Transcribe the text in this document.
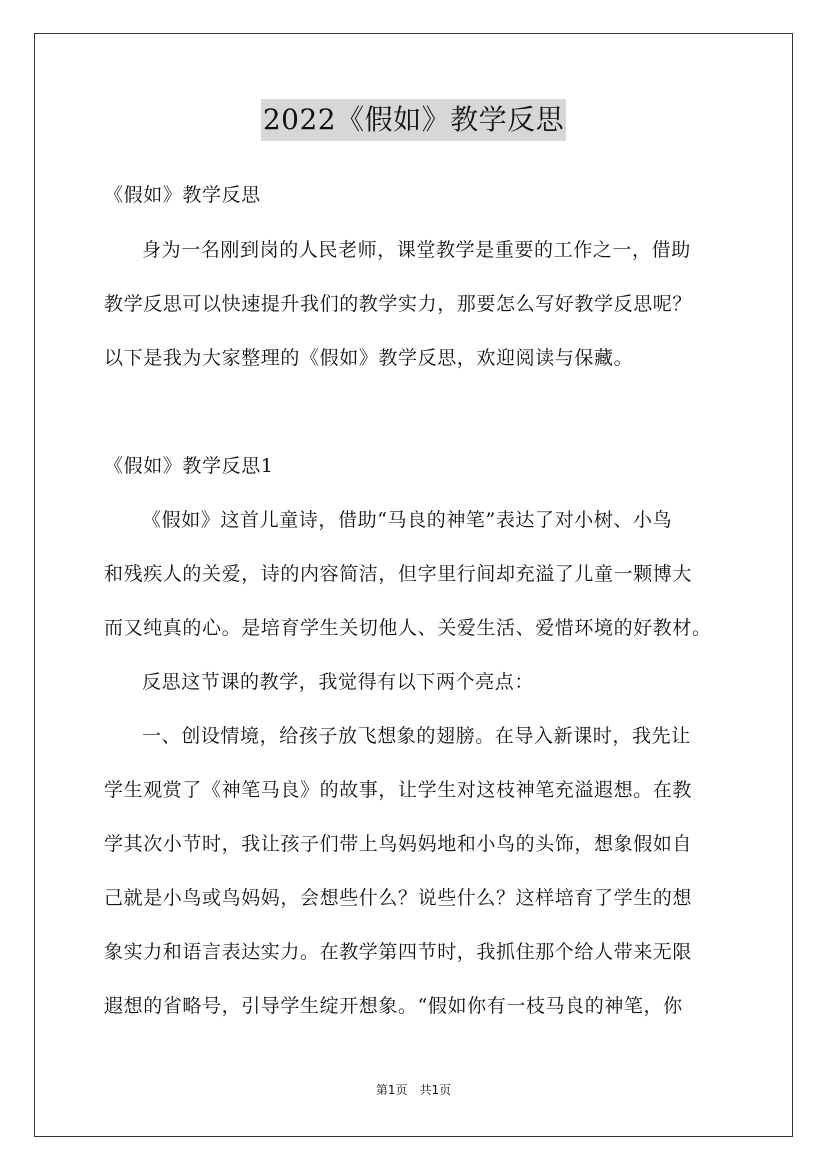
2022《假如》教学反思
《假如》教学反思
身为一名刚到岗的人民老师，课堂教学是重要的工作之一，借助
教学反思可以快速提升我们的教学实力，那要怎么写好教学反思呢？
以下是我为大家整理的《假如》教学反思，欢迎阅读与保藏。
《假如》教学反思1
《假如》这首儿童诗，借助“马良的神笔”表达了对小树、小鸟
和残疾人的关爱，诗的内容简洁，但字里行间却充溢了儿童一颗博大
而又纯真的心。是培育学生关切他人、关爱生活、爱惜环境的好教材。
反思这节课的教学，我觉得有以下两个亮点：
一、创设情境，给孩子放飞想象的翅膀。在导入新课时，我先让
学生观赏了《神笔马良》的故事，让学生对这枝神笔充溢遐想。在教
学其次小节时，我让孩子们带上鸟妈妈地和小鸟的头饰，想象假如自
己就是小鸟或鸟妈妈，会想些什么？说些什么？这样培育了学生的想
象实力和语言表达实力。在教学第四节时，我抓住那个给人带来无限
遐想的省略号，引导学生绽开想象。“假如你有一枝马良的神笔，你
第1页　共1页
